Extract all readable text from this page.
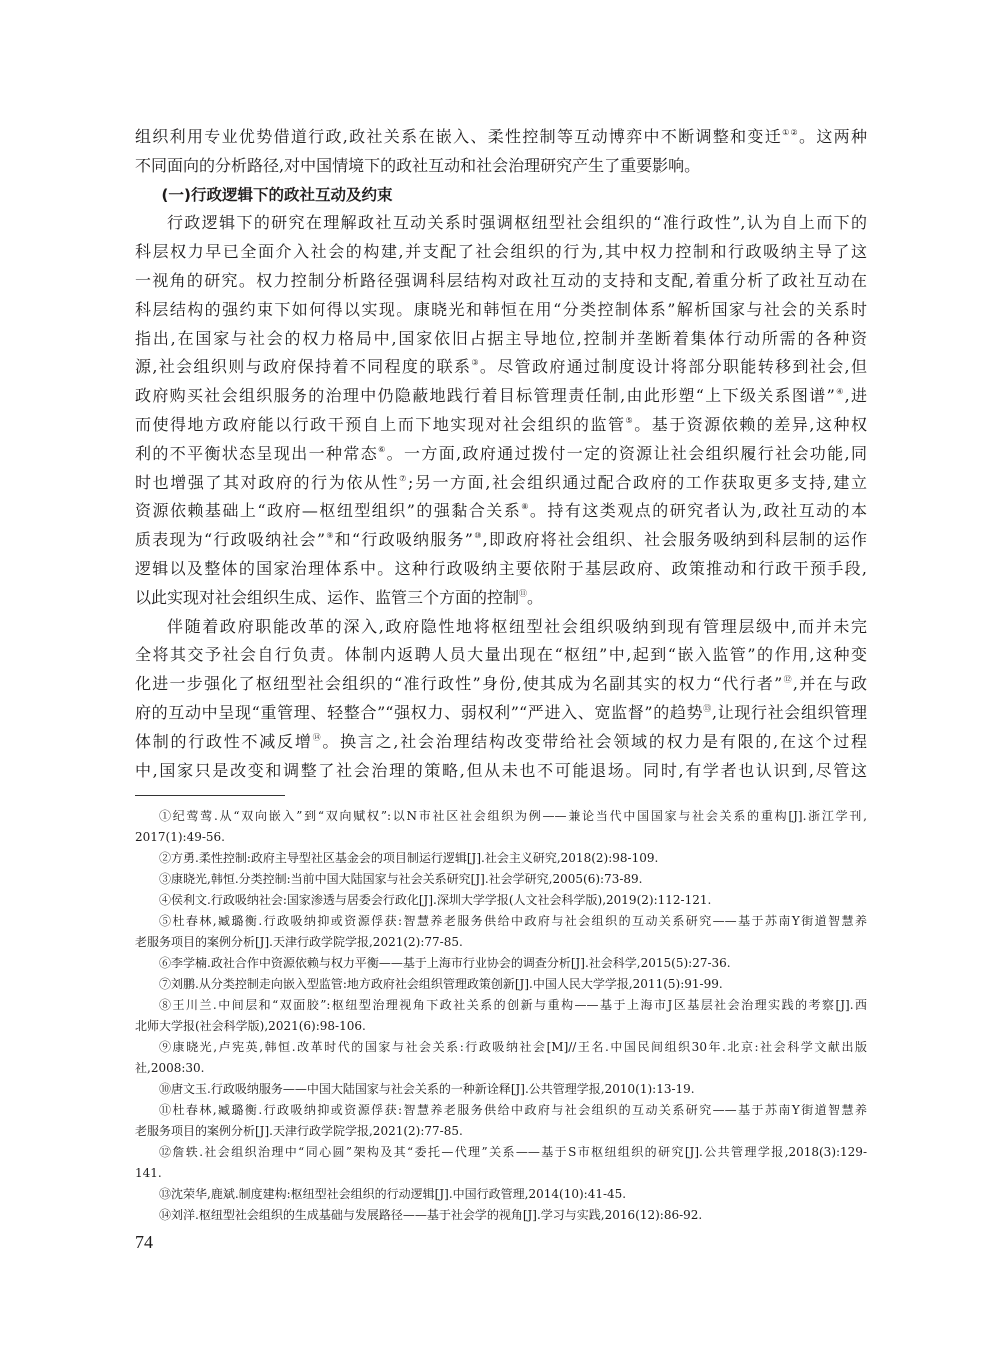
组织利用专业优势借道行政,政社关系在嵌入、柔性控制等互动博弈中不断调整和变迁①②。这两种
不同面向的分析路径,对中国情境下的政社互动和社会治理研究产生了重要影响。
(一)行政逻辑下的政社互动及约束
行政逻辑下的研究在理解政社互动关系时强调枢纽型社会组织的“准行政性”,认为自上而下的
科层权力早已全面介入社会的构建,并支配了社会组织的行为,其中权力控制和行政吸纳主导了这
一视角的研究。权力控制分析路径强调科层结构对政社互动的支持和支配,着重分析了政社互动在
科层结构的强约束下如何得以实现。康晓光和韩恒在用“分类控制体系”解析国家与社会的关系时
指出,在国家与社会的权力格局中,国家依旧占据主导地位,控制并垄断着集体行动所需的各种资
源,社会组织则与政府保持着不同程度的联系③。尽管政府通过制度设计将部分职能转移到社会,但
政府购买社会组织服务的治理中仍隐蔽地践行着目标管理责任制,由此形塑“上下级关系图谱”④,进
而使得地方政府能以行政干预自上而下地实现对社会组织的监管⑤。基于资源依赖的差异,这种权
利的不平衡状态呈现出一种常态⑥。一方面,政府通过拨付一定的资源让社会组织履行社会功能,同
时也增强了其对政府的行为依从性⑦;另一方面,社会组织通过配合政府的工作获取更多支持,建立
资源依赖基础上“政府—枢纽型组织”的强黏合关系⑧。持有这类观点的研究者认为,政社互动的本
质表现为“行政吸纳社会”⑨和“行政吸纳服务”⑩,即政府将社会组织、社会服务吸纳到科层制的运作
逻辑以及整体的国家治理体系中。这种行政吸纳主要依附于基层政府、政策推动和行政干预手段,
以此实现对社会组织生成、运作、监管三个方面的控制⑪。
伴随着政府职能改革的深入,政府隐性地将枢纽型社会组织吸纳到现有管理层级中,而并未完
全将其交予社会自行负责。体制内返聘人员大量出现在“枢纽”中,起到“嵌入监管”的作用,这种变
化进一步强化了枢纽型社会组织的“准行政性”身份,使其成为名副其实的权力“代行者”⑫,并在与政
府的互动中呈现“重管理、轻整合”“强权力、弱权利”“严进入、宽监督”的趋势⑬,让现行社会组织管理
体制的行政性不减反增⑭。换言之,社会治理结构改变带给社会领域的权力是有限的,在这个过程
中,国家只是改变和调整了社会治理的策略,但从未也不可能退场。同时,有学者也认识到,尽管这
①纪莺莺.从“双向嵌入”到“双向赋权”:以N市社区社会组织为例——兼论当代中国国家与社会关系的重构[J].浙江学刊,
2017(1):49-56.
②方勇.柔性控制:政府主导型社区基金会的项目制运行逻辑[J].社会主义研究,2018(2):98-109.
③康晓光,韩恒.分类控制:当前中国大陆国家与社会关系研究[J].社会学研究,2005(6):73-89.
④侯利文.行政吸纳社会:国家渗透与居委会行政化[J].深圳大学学报(人文社会科学版),2019(2):112-121.
⑤杜春林,臧璐衡.行政吸纳抑或资源俘获:智慧养老服务供给中政府与社会组织的互动关系研究——基于苏南Y街道智慧养
老服务项目的案例分析[J].天津行政学院学报,2021(2):77-85.
⑥李学楠.政社合作中资源依赖与权力平衡——基于上海市行业协会的调查分析[J].社会科学,2015(5):27-36.
⑦刘鹏.从分类控制走向嵌入型监管:地方政府社会组织管理政策创新[J].中国人民大学学报,2011(5):91-99.
⑧王川兰.中间层和“双面胶”:枢纽型治理视角下政社关系的创新与重构——基于上海市J区基层社会治理实践的考察[J].西
北师大学报(社会科学版),2021(6):98-106.
⑨康晓光,卢宪英,韩恒.改革时代的国家与社会关系:行政吸纳社会[M]//王名.中国民间组织30年.北京:社会科学文献出版
社,2008:30.
⑩唐文玉.行政吸纳服务——中国大陆国家与社会关系的一种新诠释[J].公共管理学报,2010(1):13-19.
⑪杜春林,臧璐衡.行政吸纳抑或资源俘获:智慧养老服务供给中政府与社会组织的互动关系研究——基于苏南Y街道智慧养
老服务项目的案例分析[J].天津行政学院学报,2021(2):77-85.
⑫詹轶.社会组织治理中“同心圆”架构及其“委托—代理”关系——基于S市枢纽组织的研究[J].公共管理学报,2018(3):129-
141.
⑬沈荣华,鹿斌.制度建构:枢纽型社会组织的行动逻辑[J].中国行政管理,2014(10):41-45.
⑭刘洋.枢纽型社会组织的生成基础与发展路径——基于社会学的视角[J].学习与实践,2016(12):86-92.
74
